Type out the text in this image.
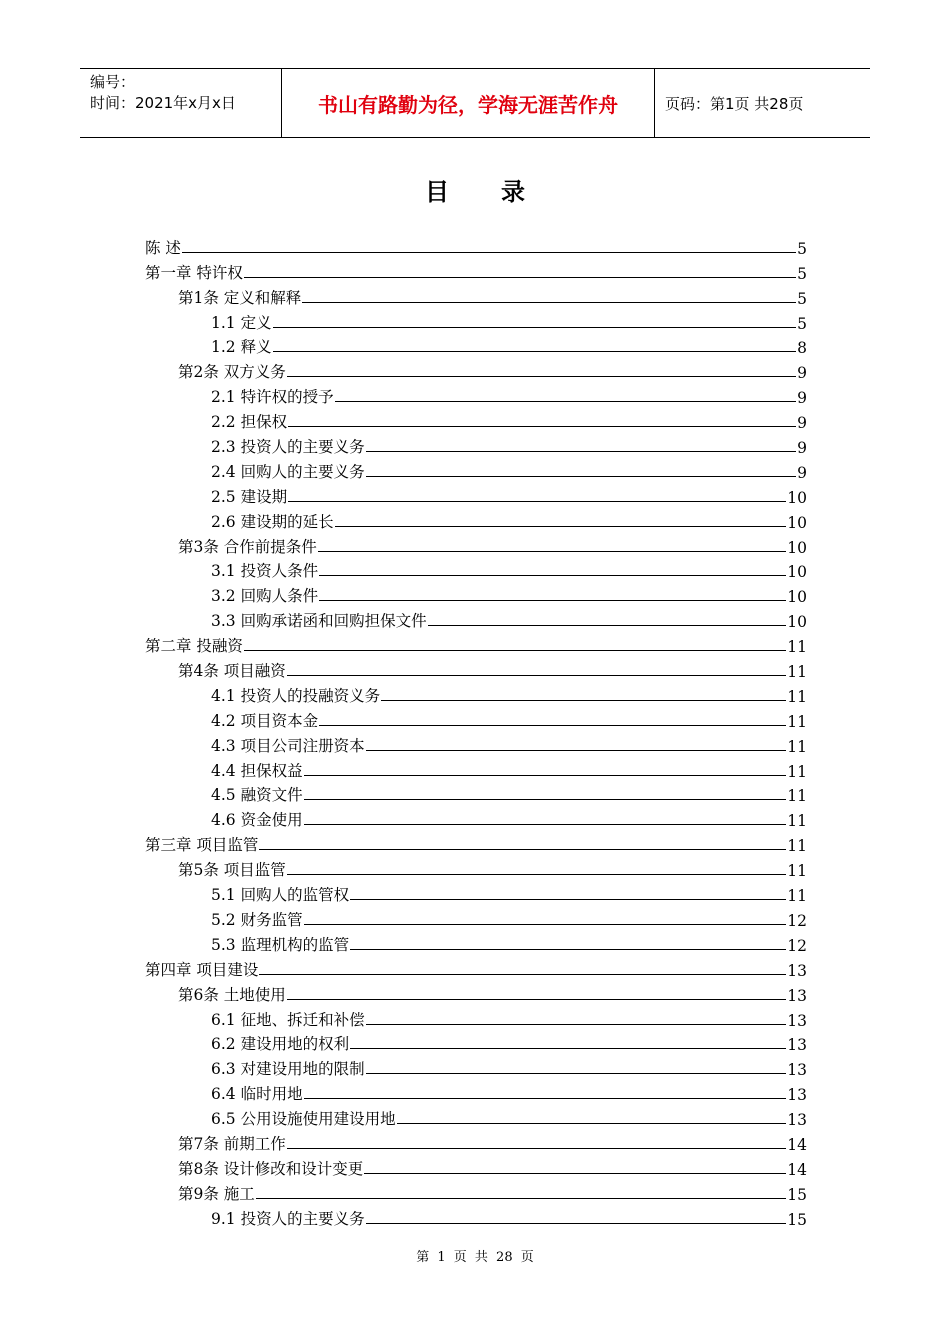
编号：
时间：2021年x月x日	书山有路勤为径，学海无涯苦作舟	页码：第1页 共28页
目录
陈 述	5
第一章 特许权	5
第1条 定义和解释	5
1.1 定义	5
1.2 释义	8
第2条 双方义务	9
2.1 特许权的授予	9
2.2 担保权	9
2.3 投资人的主要义务	9
2.4 回购人的主要义务	9
2.5 建设期	10
2.6 建设期的延长	10
第3条 合作前提条件	10
3.1 投资人条件	10
3.2 回购人条件	10
3.3 回购承诺函和回购担保文件	10
第二章 投融资	11
第4条 项目融资	11
4.1 投资人的投融资义务	11
4.2 项目资本金	11
4.3 项目公司注册资本	11
4.4 担保权益	11
4.5 融资文件	11
4.6 资金使用	11
第三章 项目监管	11
第5条 项目监管	11
5.1 回购人的监管权	11
5.2 财务监管	12
5.3 监理机构的监管	12
第四章 项目建设	13
第6条 土地使用	13
6.1 征地、拆迁和补偿	13
6.2 建设用地的权利	13
6.3 对建设用地的限制	13
6.4 临时用地	13
6.5 公用设施使用建设用地	13
第7条 前期工作	14
第8条 设计修改和设计变更	14
第9条 施工	15
9.1 投资人的主要义务	15
第 1 页 共 28 页
